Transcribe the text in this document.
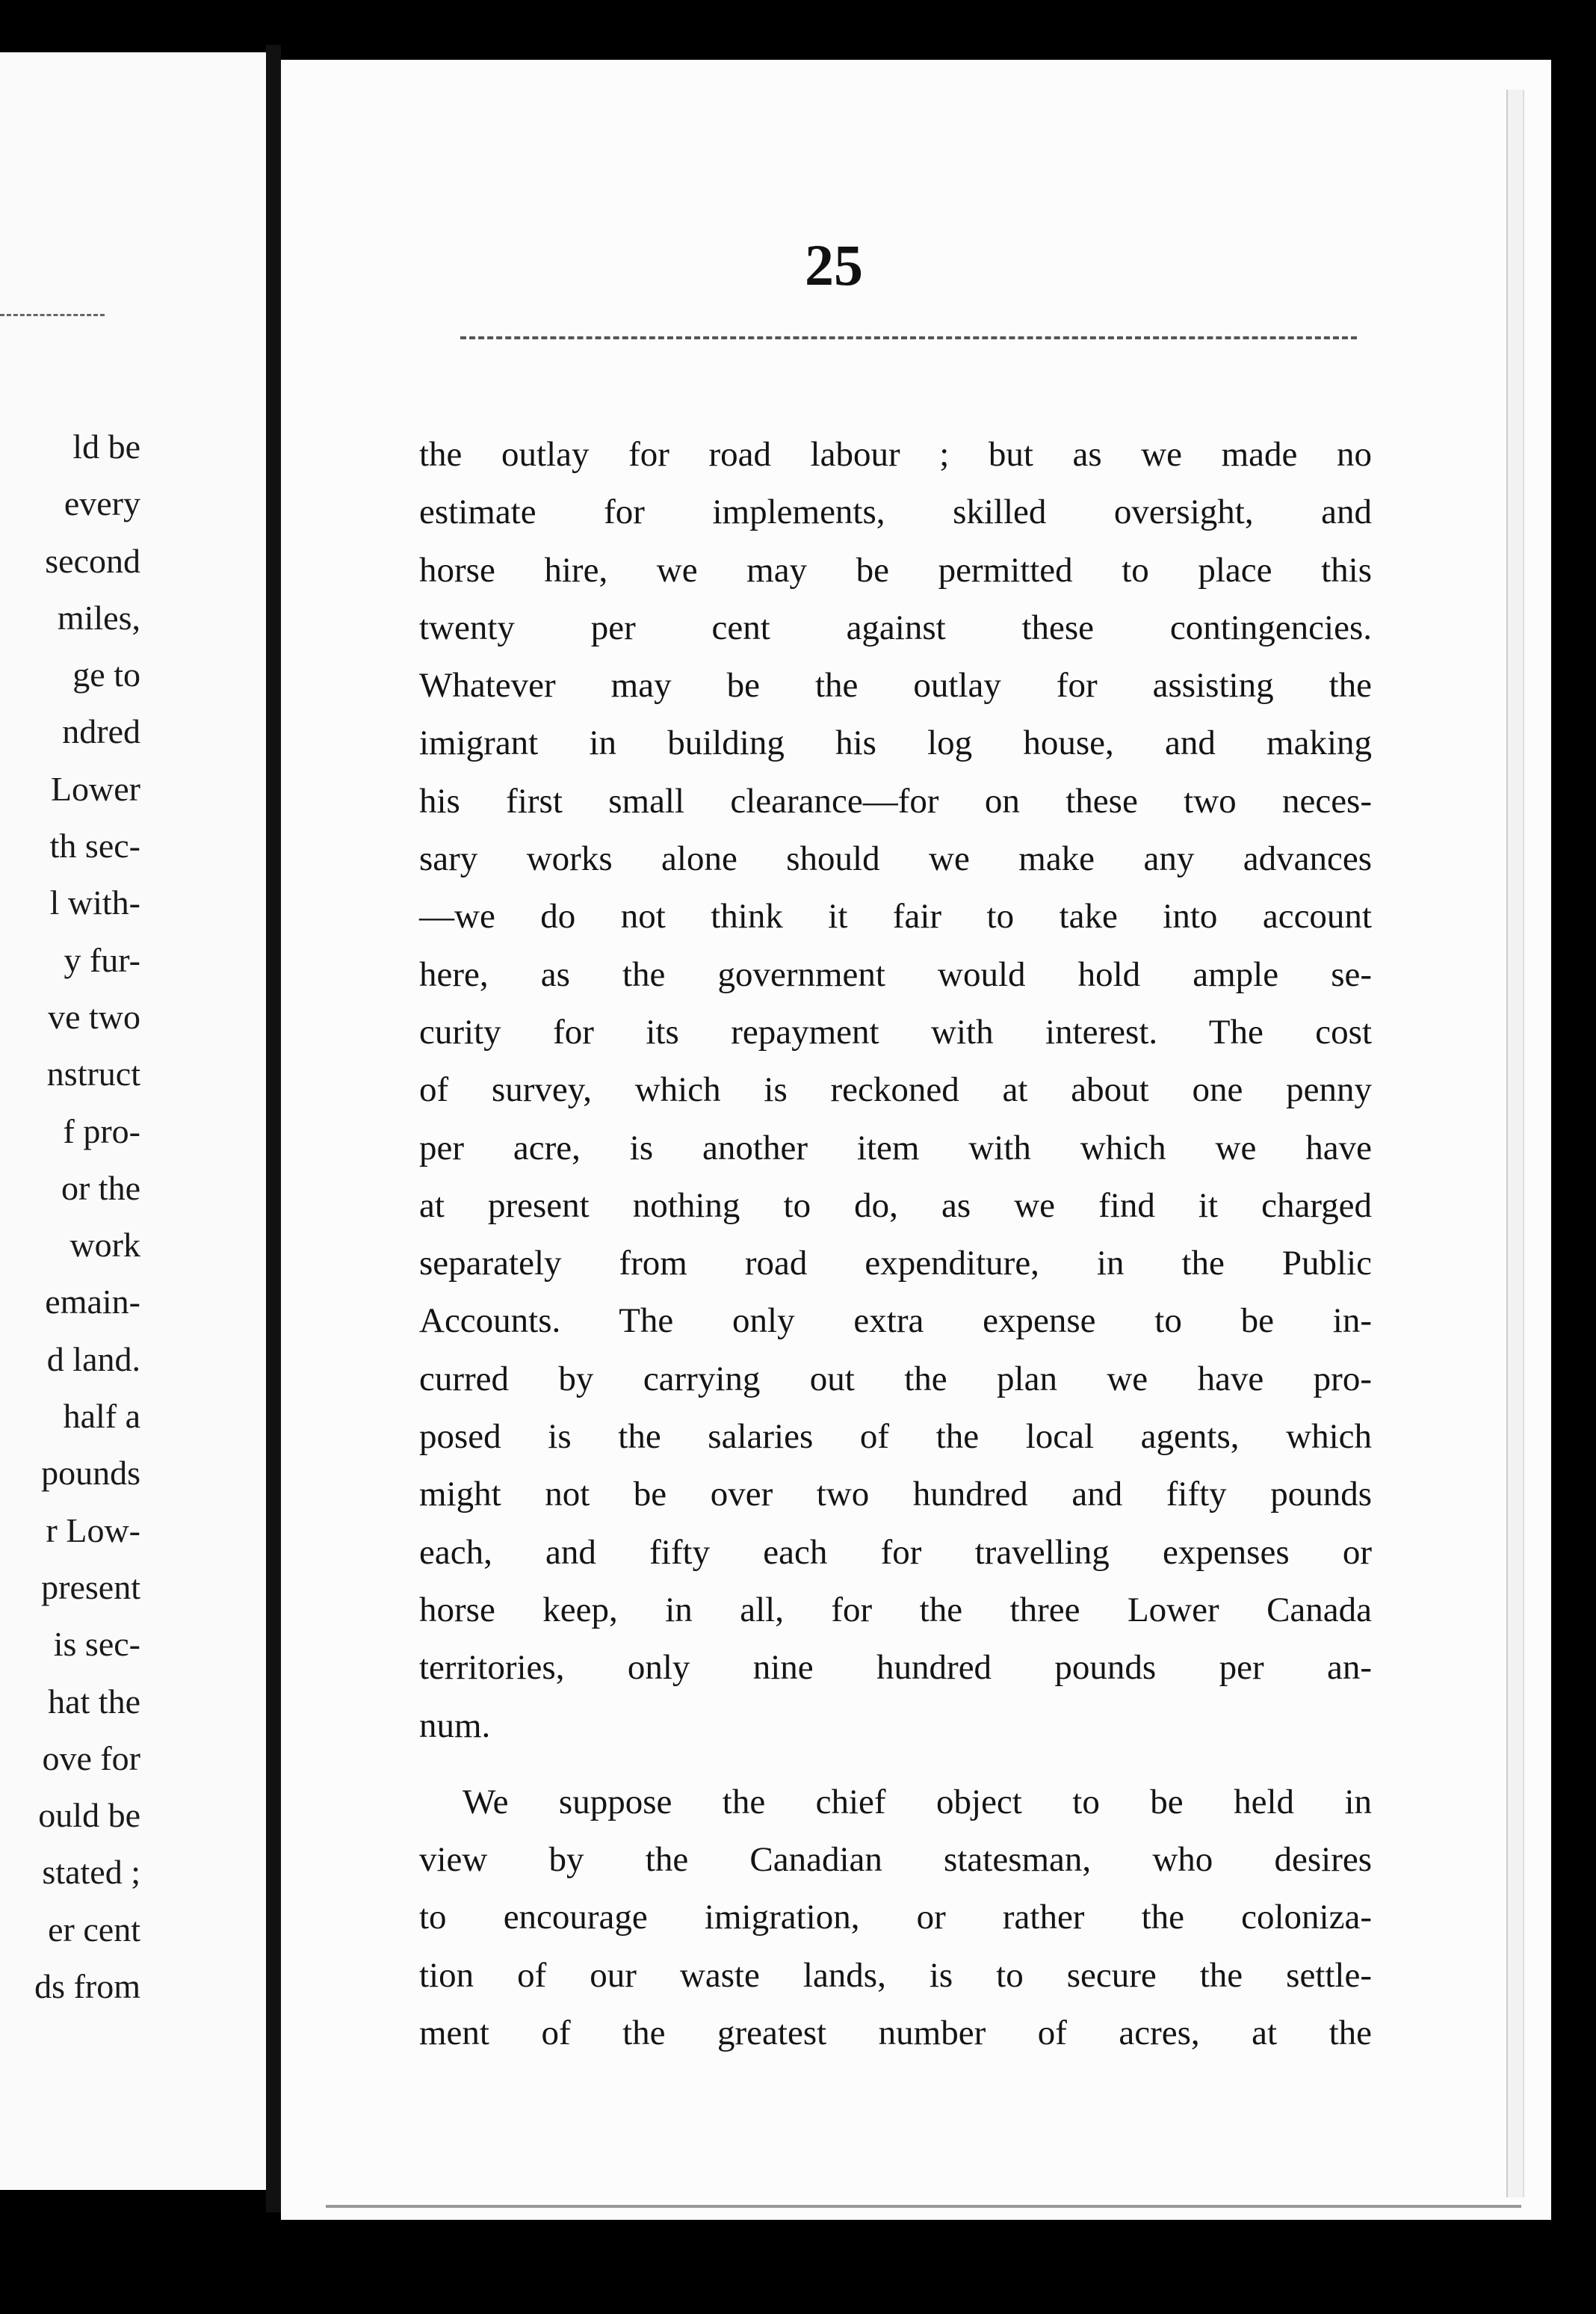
ld be
every
second
miles,
ge to
ndred
Lower
th sec-
l with-
y fur-
ve two
nstruct
f pro-
or the
work
emain-
d land.
half a
pounds
r Low-
present
is sec-
hat the
ove for
ould be
stated ;
er cent
ds from
25
the outlay for road labour ; but as we made no
estimate for implements, skilled oversight, and
horse hire, we may be permitted to place this
twenty per cent against these contingencies.
Whatever may be the outlay for assisting the
imigrant in building his log house, and making
his first small clearance—for on these two neces-
sary works alone should we make any advances
—we do not think it fair to take into account
here, as the government would hold ample se-
curity for its repayment with interest. The cost
of survey, which is reckoned at about one penny
per acre, is another item with which we have
at present nothing to do, as we find it charged
separately from road expenditure, in the Public
Accounts. The only extra expense to be in-
curred by carrying out the plan we have pro-
posed is the salaries of the local agents, which
might not be over two hundred and fifty pounds
each, and fifty each for travelling expenses or
horse keep, in all, for the three Lower Canada
territories, only nine hundred pounds per an-
num.
We suppose the chief object to be held in
view by the Canadian statesman, who desires
to encourage imigration, or rather the coloniza-
tion of our waste lands, is to secure the settle-
ment of the greatest number of acres, at the
